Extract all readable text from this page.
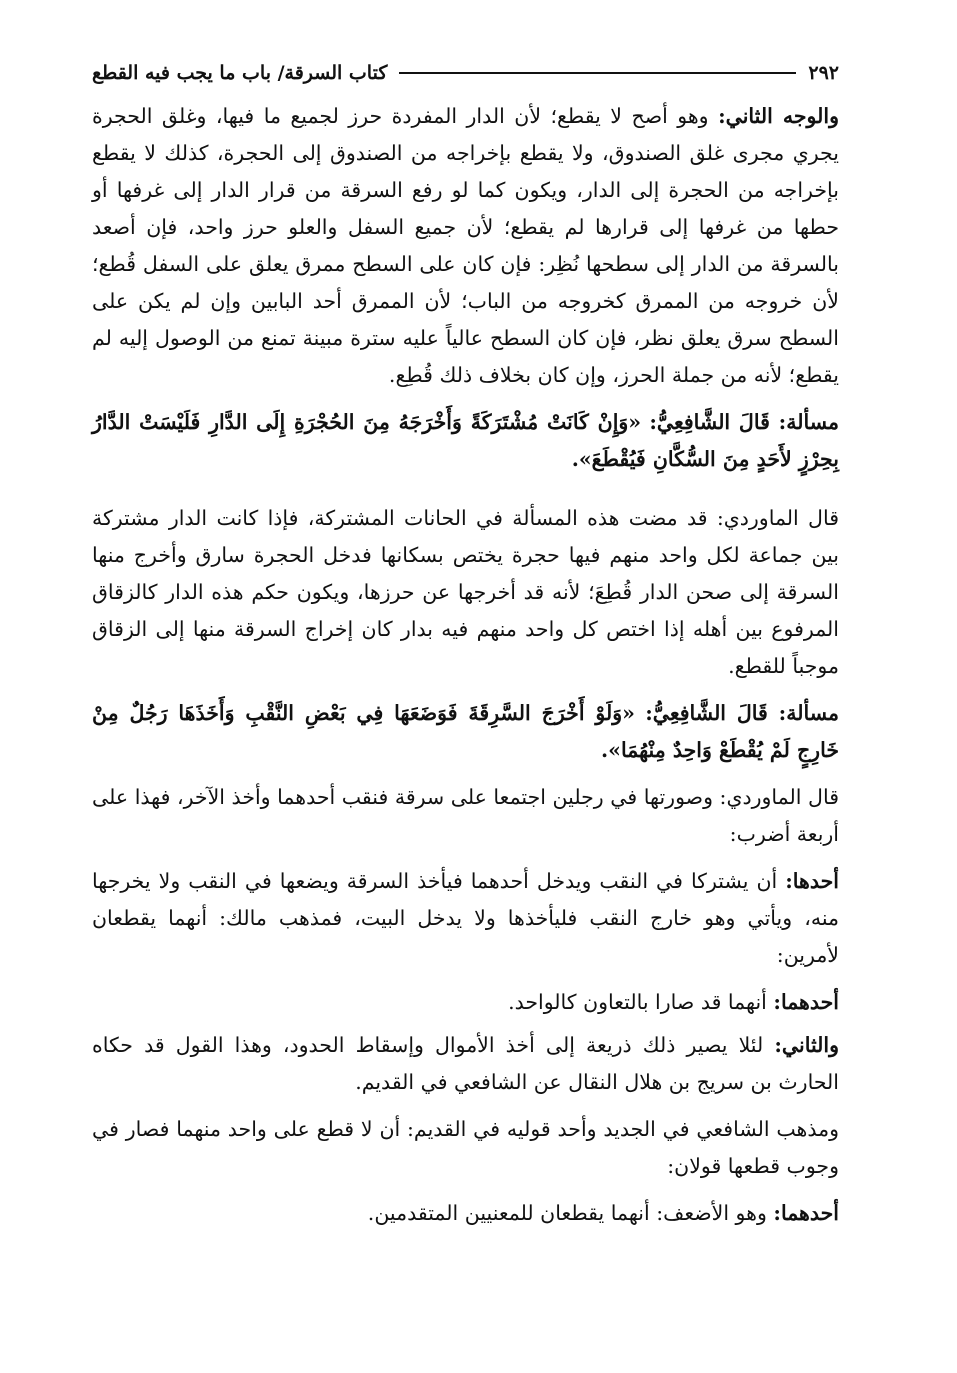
٢٩٢
كتاب السرقة/ باب ما يجب فيه القطع

والوجه الثاني: وهو أصح لا يقطع؛ لأن الدار المفردة حرز لجميع ما فيها، وغلق الحجرة يجري مجرى غلق الصندوق، ولا يقطع بإخراجه من الصندوق إلى الحجرة، كذلك لا يقطع بإخراجه من الحجرة إلى الدار، ويكون كما لو رفع السرقة من قرار الدار إلى غرفها أو حطها من غرفها إلى قرارها لم يقطع؛ لأن جميع السفل والعلو حرز واحد، فإن أصعد بالسرقة من الدار إلى سطحها نُظِر: فإن كان على السطح ممرق يعلق على السفل قُطع؛ لأن خروجه من الممرق كخروجه من الباب؛ لأن الممرق أحد البابين وإن لم يكن على السطح سرق يعلق نظر، فإن كان السطح عالياً عليه سترة مبينة تمنع من الوصول إليه لم يقطع؛ لأنه من جملة الحرز، وإن كان بخلاف ذلك قُطِع.

مسألة: قَالَ الشَّافِعِيُّ: «وَإِنْ كَانَتْ مُشْتَرَكَةً وَأَخْرَجَهُ مِنَ الحُجْرَةِ إِلَى الدَّارِ فَلَيْسَتْ الدَّارُ بِحِرْزٍ لأَحَدٍ مِنَ السُّكَّانِ فَيُقْطَعَ».

قال الماوردي: قد مضت هذه المسألة في الحانات المشتركة، فإذا كانت الدار مشتركة بين جماعة لكل واحد منهم فيها حجرة يختص بسكانها فدخل الحجرة سارق وأخرج منها السرقة إلى صحن الدار قُطِعَ؛ لأنه قد أخرجها عن حرزها، ويكون حكم هذه الدار كالزقاق المرفوع بين أهله إذا اختص كل واحد منهم فيه بدار كان إخراج السرقة منها إلى الزقاق موجباً للقطع.

مسألة: قَالَ الشَّافِعِيُّ: «وَلَوْ أَخْرَجَ السَّرِقَةَ فَوَضَعَهَا فِي بَعْضِ النَّقْبِ وَأَخَذَهَا رَجُلٌ مِنْ خَارِجٍ لَمْ يُقْطَعْ وَاحِدٌ مِنْهُمَا».

قال الماوردي: وصورتها في رجلين اجتمعا على سرقة فنقب أحدهما وأخذ الآخر، فهذا على أربعة أضرب:

أحدها: أن يشتركا في النقب ويدخل أحدهما فيأخذ السرقة ويضعها في النقب ولا يخرجها منه، ويأتي وهو خارج النقب فليأخذها ولا يدخل البيت، فمذهب مالك: أنهما يقطعان لأمرين:

أحدهما: أنهما قد صارا بالتعاون كالواحد.

والثاني: لئلا يصير ذلك ذريعة إلى أخذ الأموال وإسقاط الحدود، وهذا القول قد حكاه الحارث بن سريج بن هلال النقال عن الشافعي في القديم.

ومذهب الشافعي في الجديد وأحد قوليه في القديم: أن لا قطع على واحد منهما فصار في وجوب قطعها قولان:

أحدهما: وهو الأضعف: أنهما يقطعان للمعنيين المتقدمين.
